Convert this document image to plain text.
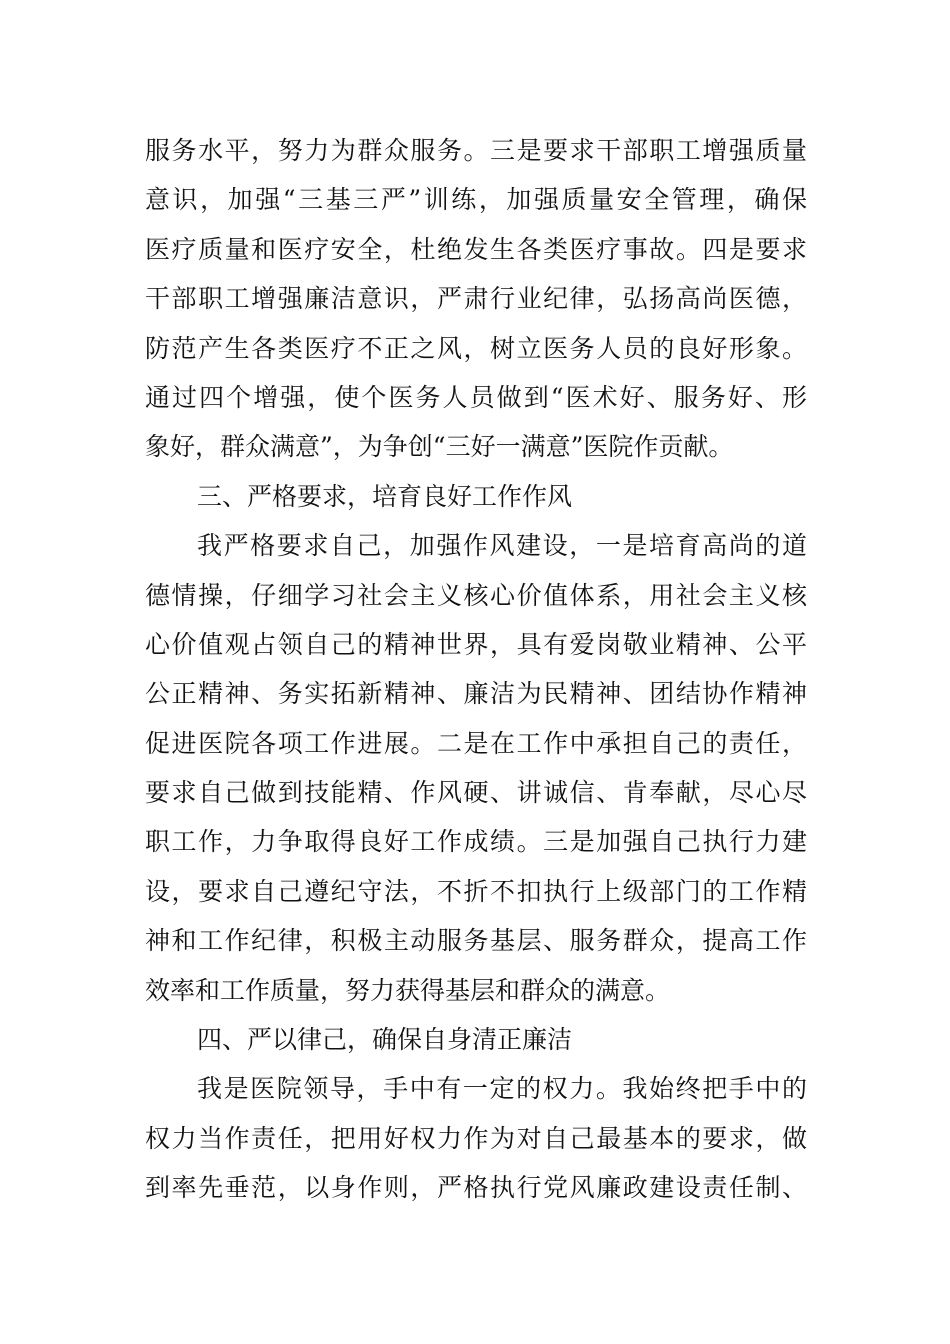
服务水平，努力为群众服务。三是要求干部职工增强质量
意识，加强“三基三严”训练，加强质量安全管理，确保
医疗质量和医疗安全，杜绝发生各类医疗事故。四是要求
干部职工增强廉洁意识，严肃行业纪律，弘扬高尚医德，
防范产生各类医疗不正之风，树立医务人员的良好形象。
通过四个增强，使个医务人员做到“医术好、服务好、形
象好，群众满意”，为争创“三好一满意”医院作贡献。
三、严格要求，培育良好工作作风
我严格要求自己，加强作风建设，一是培育高尚的道
德情操，仔细学习社会主义核心价值体系，用社会主义核
心价值观占领自己的精神世界，具有爱岗敬业精神、公平
公正精神、务实拓新精神、廉洁为民精神、团结协作精神
促进医院各项工作进展。二是在工作中承担自己的责任，
要求自己做到技能精、作风硬、讲诚信、肯奉献，尽心尽
职工作，力争取得良好工作成绩。三是加强自己执行力建
设，要求自己遵纪守法，不折不扣执行上级部门的工作精
神和工作纪律，积极主动服务基层、服务群众，提高工作
效率和工作质量，努力获得基层和群众的满意。
四、严以律己，确保自身清正廉洁
我是医院领导，手中有一定的权力。我始终把手中的
权力当作责任，把用好权力作为对自己最基本的要求，做
到率先垂范，以身作则，严格执行党风廉政建设责任制、
